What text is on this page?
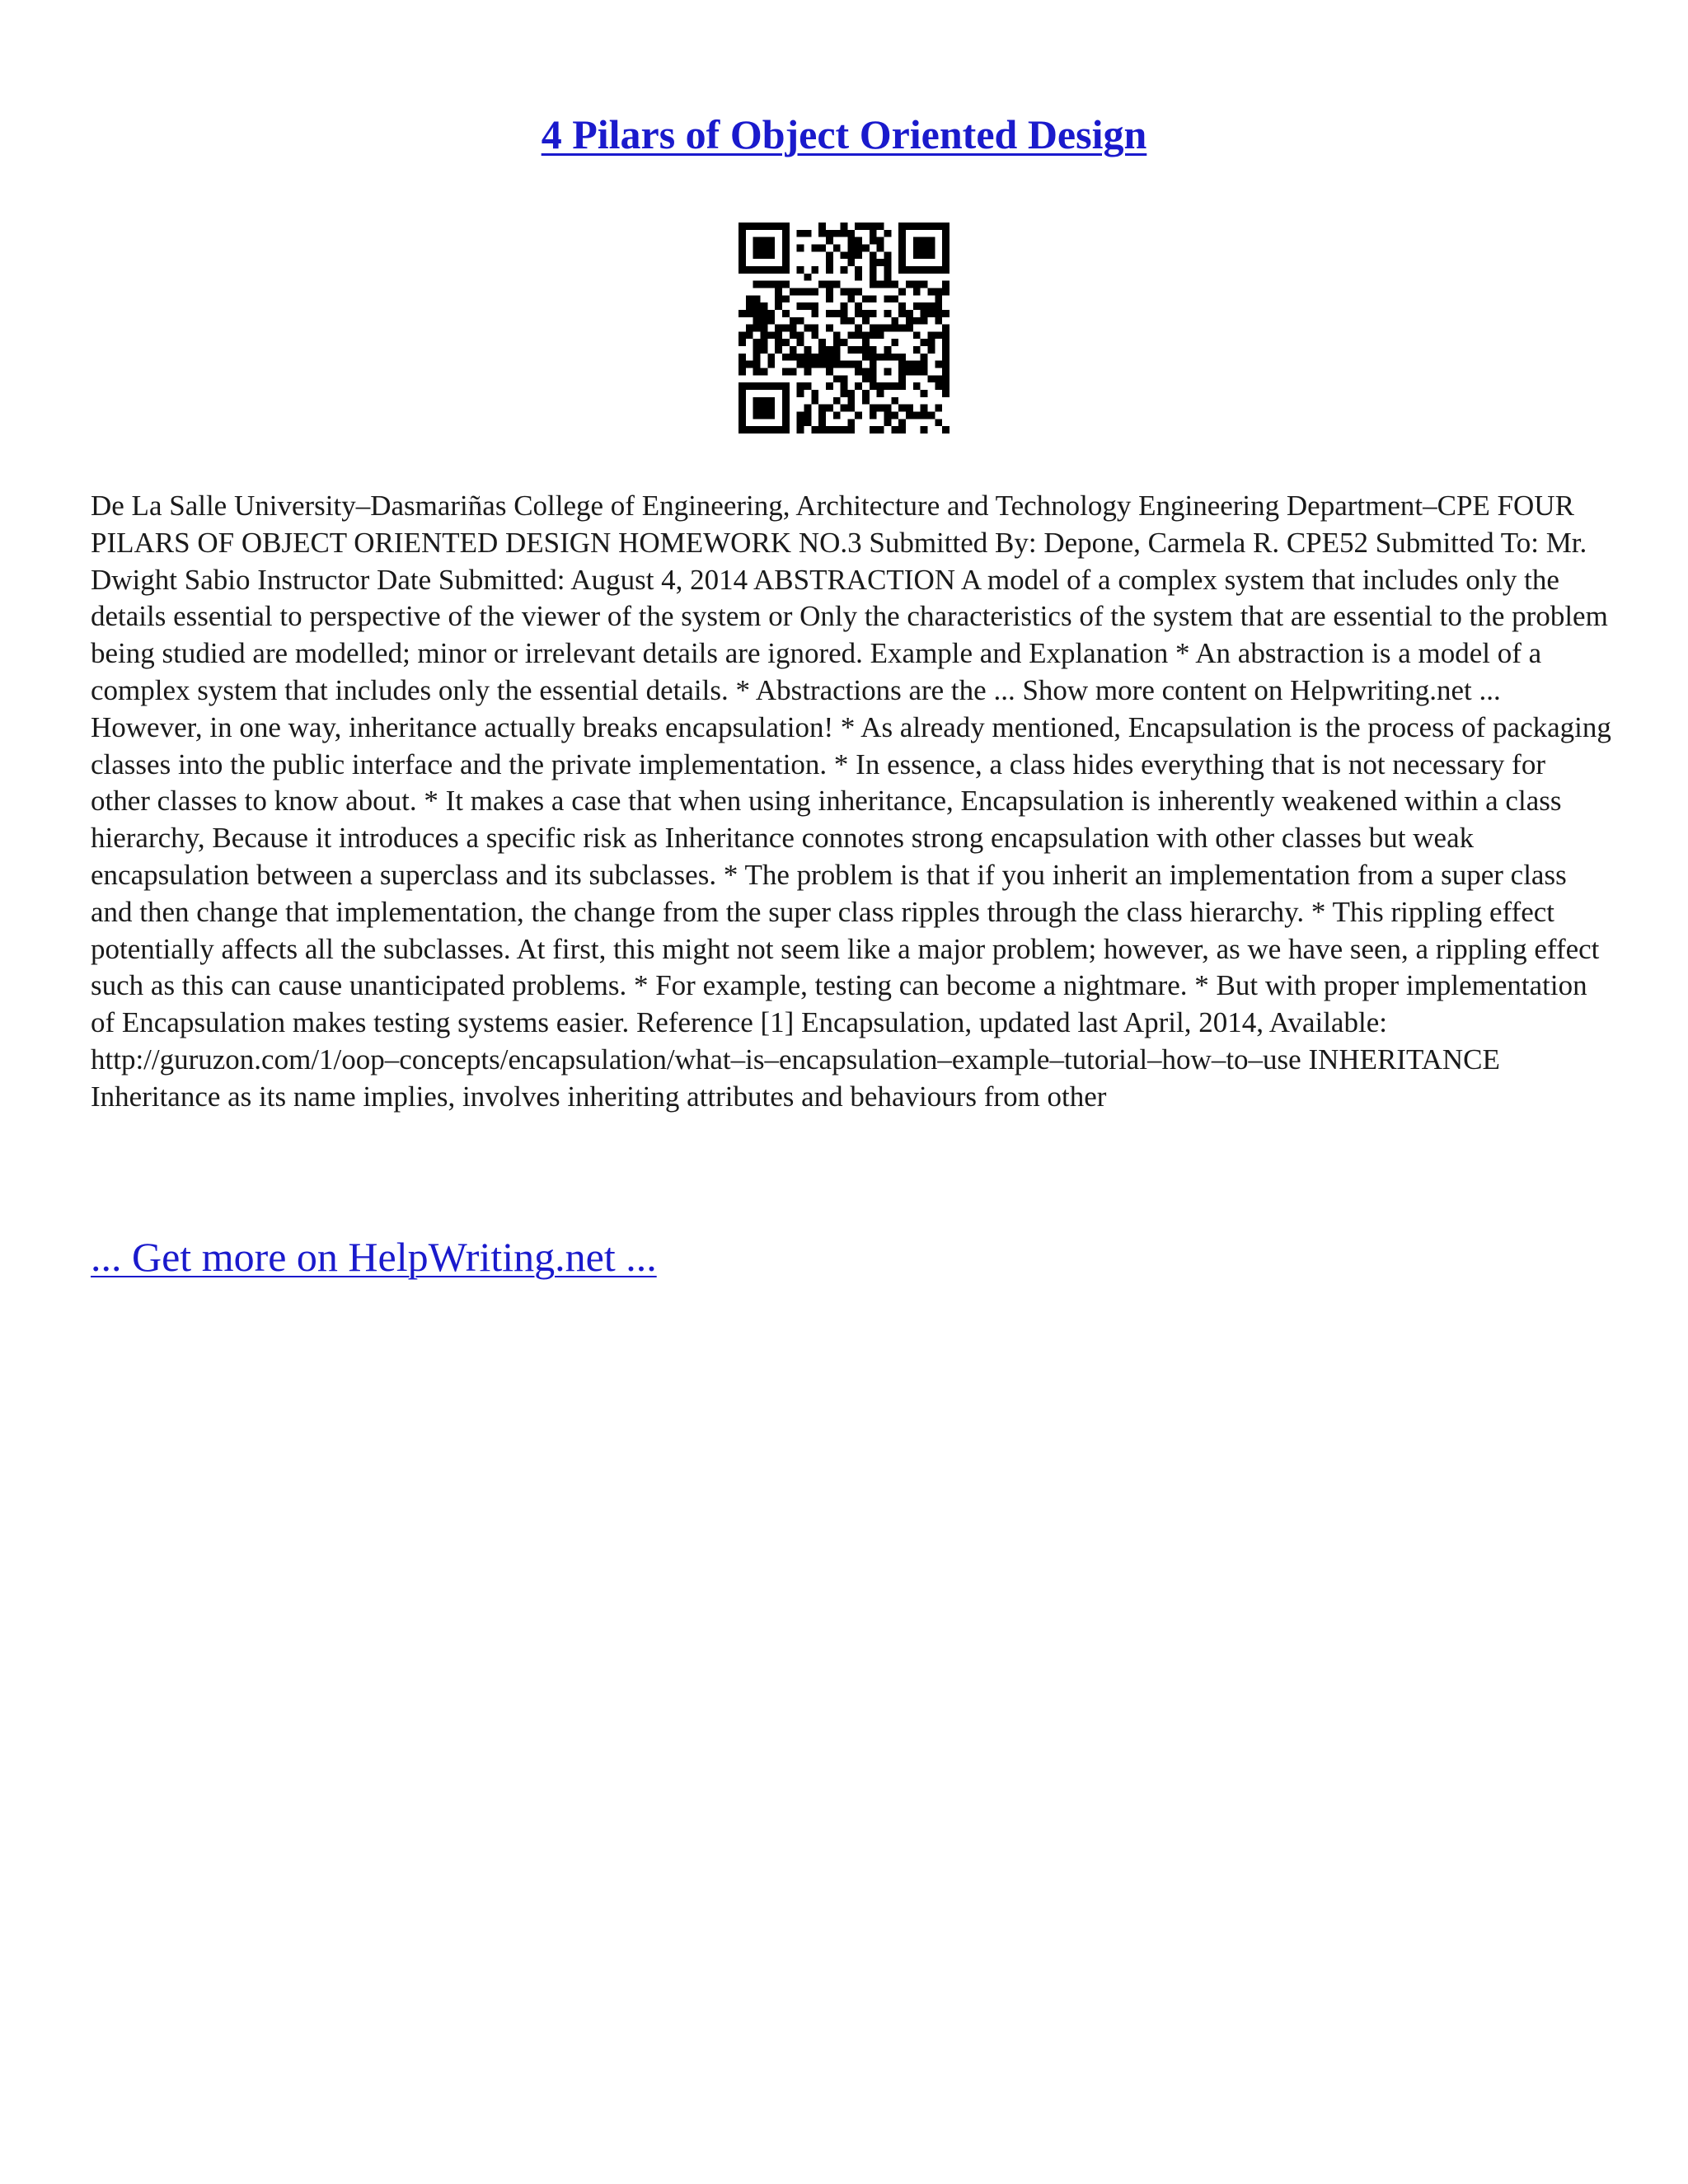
4 Pilars of Object Oriented Design

De La Salle University–Dasmariñas College of Engineering, Architecture and Technology Engineering Department–CPE FOUR PILARS OF OBJECT ORIENTED DESIGN HOMEWORK NO.3 Submitted By: Depone, Carmela R. CPE52 Submitted To: Mr. Dwight Sabio Instructor Date Submitted: August 4, 2014 ABSTRACTION A model of a complex system that includes only the details essential to perspective of the viewer of the system or Only the characteristics of the system that are essential to the problem being studied are modelled; minor or irrelevant details are ignored. Example and Explanation * An abstraction is a model of a complex system that includes only the essential details. * Abstractions are the ... Show more content on Helpwriting.net ...

However, in one way, inheritance actually breaks encapsulation! * As already mentioned, Encapsulation is the process of packaging classes into the public interface and the private implementation. * In essence, a class hides everything that is not necessary for other classes to know about. * It makes a case that when using inheritance, Encapsulation is inherently weakened within a class hierarchy, Because it introduces a specific risk as Inheritance connotes strong encapsulation with other classes but weak encapsulation between a superclass and its subclasses. * The problem is that if you inherit an implementation from a super class and then change that implementation, the change from the super class ripples through the class hierarchy. * This rippling effect potentially affects all the subclasses. At first, this might not seem like a major problem; however, as we have seen, a rippling effect such as this can cause unanticipated problems. * For example, testing can become a nightmare. * But with proper implementation of Encapsulation makes testing systems easier. Reference [1] Encapsulation, updated last April, 2014, Available: http://guruzon.com/1/oop–concepts/encapsulation/what–is–encapsulation–example–tutorial–how–to–use INHERITANCE Inheritance as its name implies, involves inheriting attributes and behaviours from other

... Get more on HelpWriting.net ...
